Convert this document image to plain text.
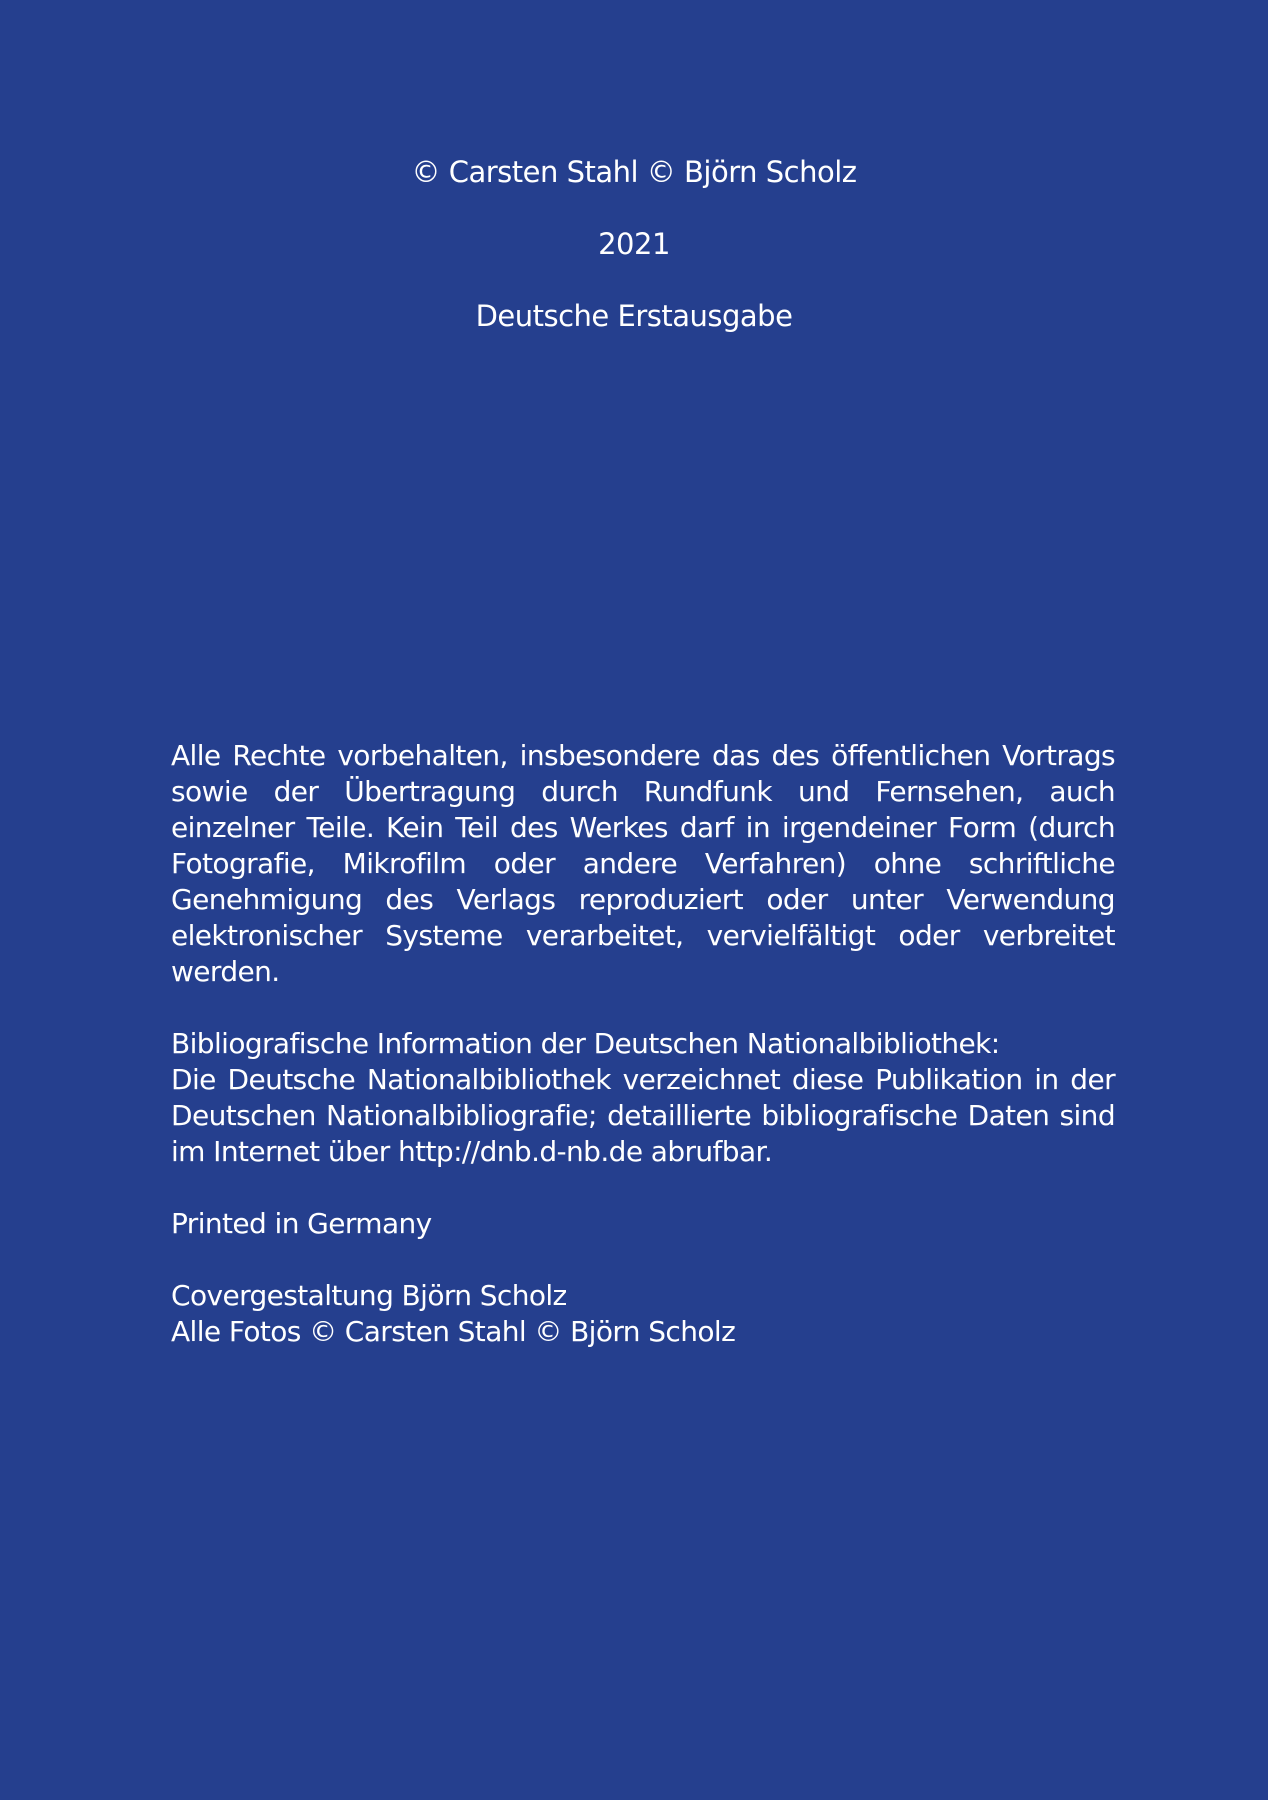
© Carsten Stahl © Björn Scholz
2021
Deutsche Erstausgabe
Alle Rechte vorbehalten, insbesondere das des öffentlichen Vortrags sowie der Übertragung durch Rundfunk und Fernsehen, auch einzelner Teile. Kein Teil des Werkes darf in irgendeiner Form (durch Fotografie, Mikrofilm oder andere Verfahren) ohne schriftliche Genehmigung des Verlags reproduziert oder unter Verwendung elektronischer Systeme verarbeitet, vervielfältigt oder verbreitet werden.
Bibliografische Information der Deutschen Nationalbibliothek:
Die Deutsche Nationalbibliothek verzeichnet diese Publikation in der Deutschen Nationalbibliografie; detaillierte bibliografische Daten sind im Internet über http://dnb.d-nb.de abrufbar.
Printed in Germany
Covergestaltung Björn Scholz
Alle Fotos © Carsten Stahl © Björn Scholz
